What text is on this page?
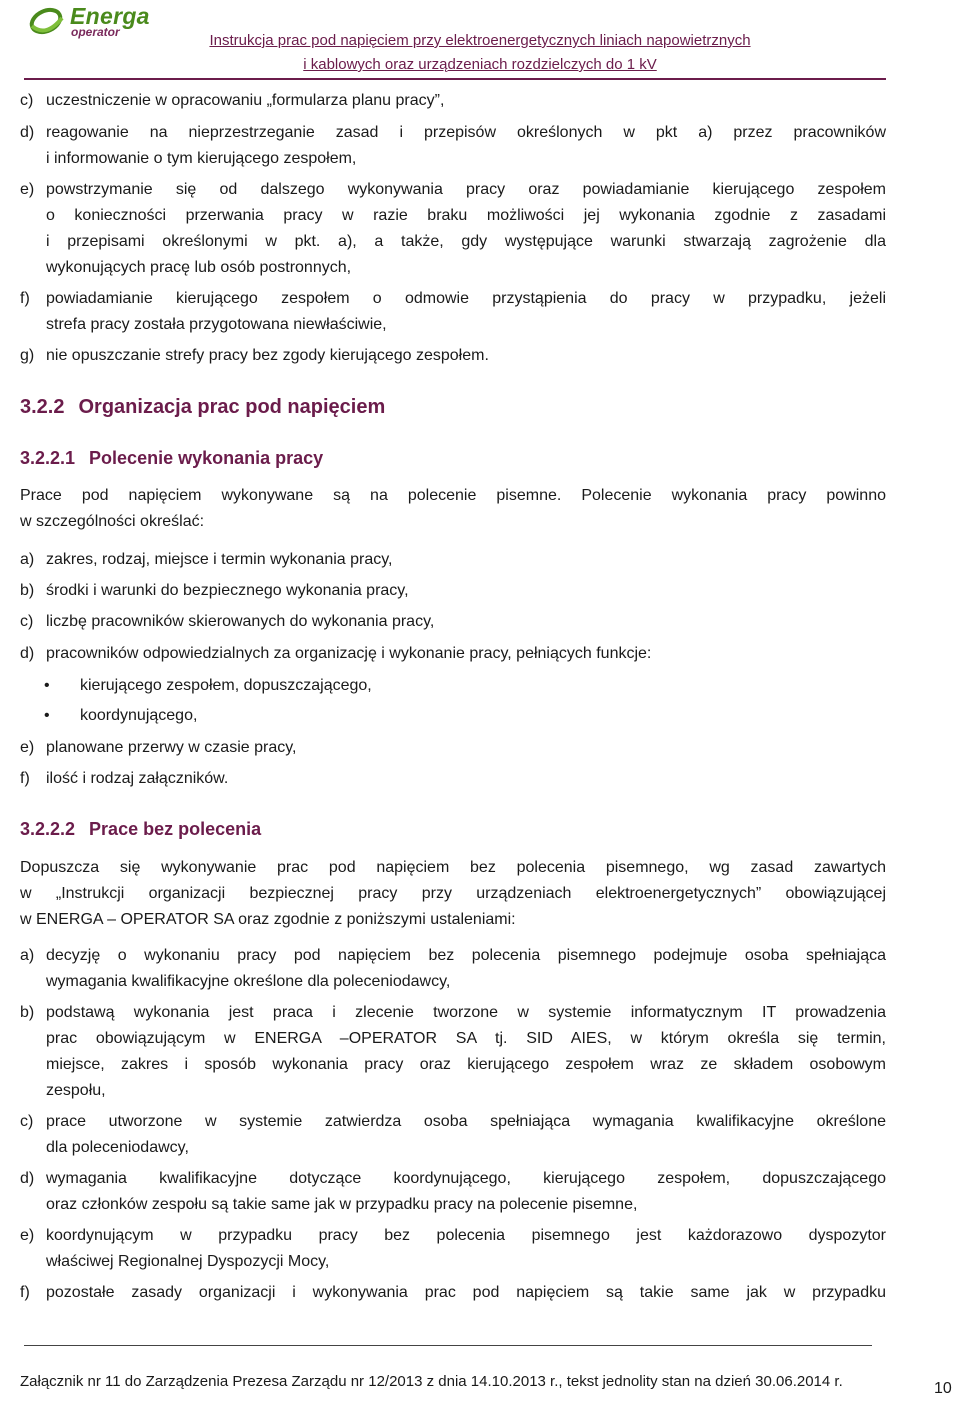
Energa
operator	Instrukcja prac pod napięciem przy elektroenergetycznych liniach napowietrznych
i kablowych oraz urządzeniach rozdzielczych do 1 kV
c) uczestniczenie w opracowaniu „formularza planu pracy”,
d) reagowanie na nieprzestrzeganie zasad i przepisów określonych w pkt a) przez pracowników
i informowanie o tym kierującego zespołem,
e) powstrzymanie się od dalszego wykonywania pracy oraz powiadamianie kierującego zespołem
o konieczności przerwania pracy w razie braku możliwości jej wykonania zgodnie z zasadami
i przepisami określonymi w pkt. a), a także, gdy występujące warunki stwarzają zagrożenie dla
wykonujących pracę lub osób postronnych,
f) powiadamianie kierującego zespołem o odmowie przystąpienia do pracy w przypadku, jeżeli
strefa pracy została przygotowana niewłaściwie,
g) nie opuszczanie strefy pracy bez zgody kierującego zespołem.
3.2.2 Organizacja prac pod napięciem
3.2.2.1 Polecenie wykonania pracy
Prace pod napięciem wykonywane są na polecenie pisemne. Polecenie wykonania pracy powinno
w szczególności określać:
a) zakres, rodzaj, miejsce i termin wykonania pracy,
b) środki i warunki do bezpiecznego wykonania pracy,
c) liczbę pracowników skierowanych do wykonania pracy,
d) pracowników odpowiedzialnych za organizację i wykonanie pracy, pełniących funkcje:
• kierującego zespołem, dopuszczającego,
• koordynującego,
e) planowane przerwy w czasie pracy,
f) ilość i rodzaj załączników.
3.2.2.2 Prace bez polecenia
Dopuszcza się wykonywanie prac pod napięciem bez polecenia pisemnego, wg zasad zawartych
w „Instrukcji organizacji bezpiecznej pracy przy urządzeniach elektroenergetycznych” obowiązującej
w ENERGA – OPERATOR SA oraz zgodnie z poniższymi ustaleniami:
a) decyzję o wykonaniu pracy pod napięciem bez polecenia pisemnego podejmuje osoba spełniająca
wymagania kwalifikacyjne określone dla poleceniodawcy,
b) podstawą wykonania jest praca i zlecenie tworzone w systemie informatycznym IT prowadzenia
prac obowiązującym w ENERGA –OPERATOR SA tj. SID AIES, w którym określa się termin,
miejsce, zakres i sposób wykonania pracy oraz kierującego zespołem wraz ze składem osobowym
zespołu,
c) prace utworzone w systemie zatwierdza osoba spełniająca wymagania kwalifikacyjne określone
dla poleceniodawcy,
d) wymagania kwalifikacyjne dotyczące koordynującego, kierującego zespołem, dopuszczającego
oraz członków zespołu są takie same jak w przypadku pracy na polecenie pisemne,
e) koordynującym w przypadku pracy bez polecenia pisemnego jest każdorazowo dyspozytor
właściwej Regionalnej Dyspozycji Mocy,
f) pozostałe zasady organizacji i wykonywania prac pod napięciem są takie same jak w przypadku
Załącznik nr 11 do Zarządzenia Prezesa Zarządu nr 12/2013 z dnia 14.10.2013 r., tekst jednolity stan na dzień 30.06.2014 r.	10
